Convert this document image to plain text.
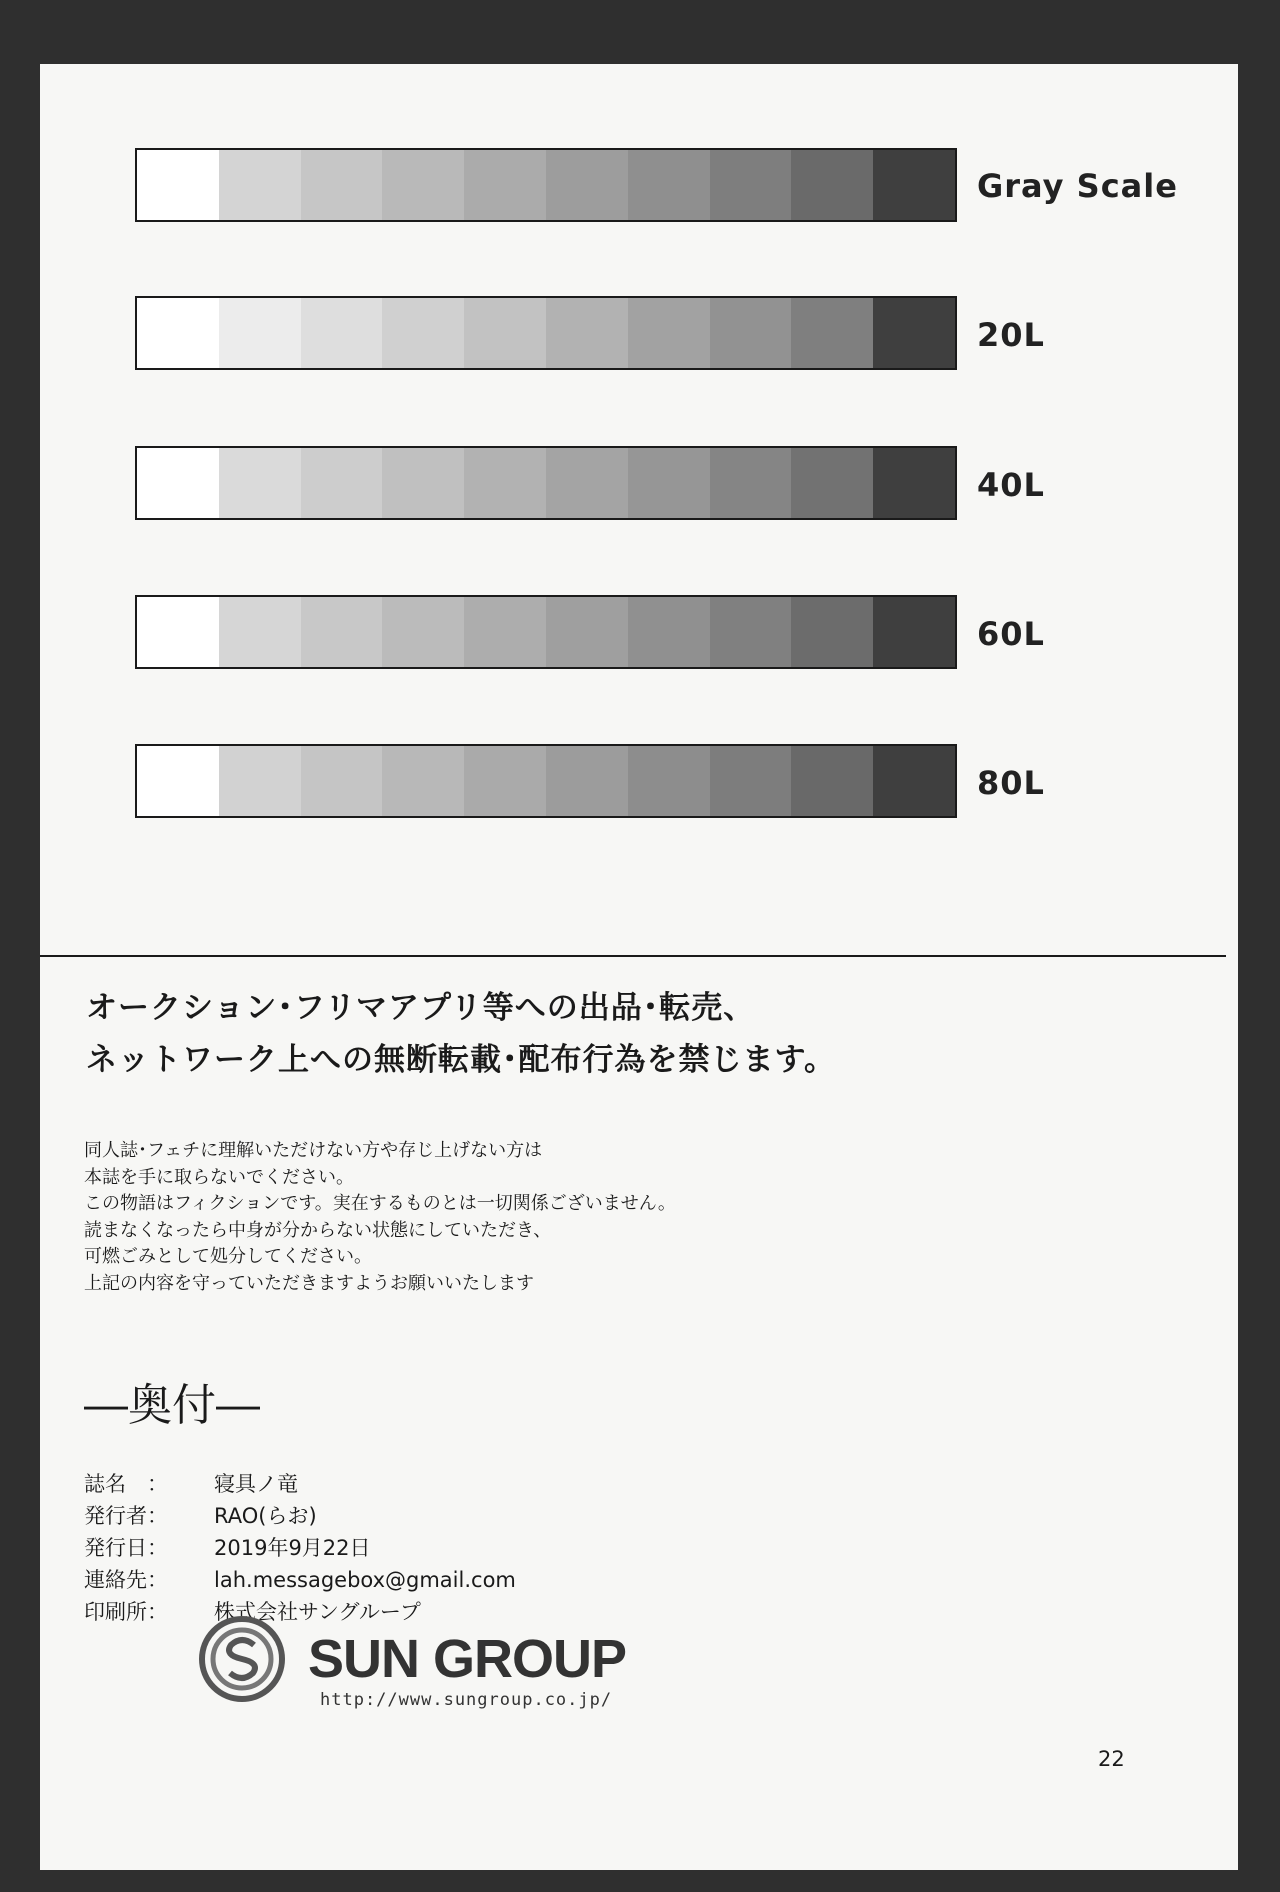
Gray Scale
20L
40L
60L
80L
オークション･フリマアプリ等への出品･転売、
ネットワーク上への無断転載･配布行為を禁じます。
同人誌･フェチに理解いただけない方や存じ上げない方は
本誌を手に取らないでください。
この物語はフィクションです。実在するものとは一切関係ございません。
読まなくなったら中身が分からない状態にしていただき、
可燃ごみとして処分してください。
上記の内容を守っていただきますようお願いいたします
―奥付―
誌名　：	寝具ノ竜
発行者：	RAO(らお)
発行日：	2019年9月22日
連絡先：	lah.messagebox@gmail.com
印刷所：	株式会社サングループ
SUN GROUP
http://www.sungroup.co.jp/
22
